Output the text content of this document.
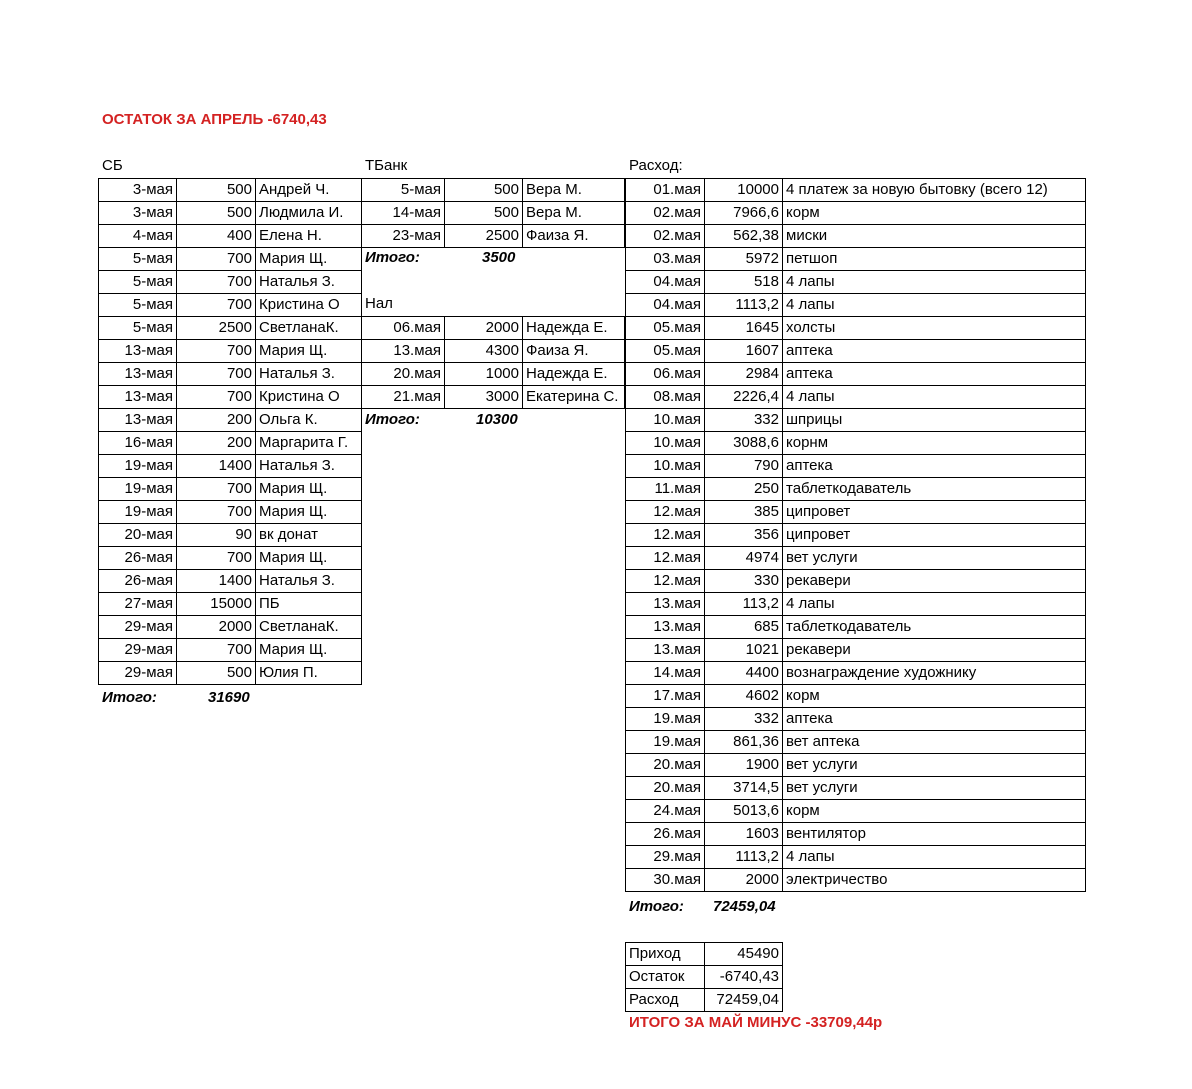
ОСТАТОК ЗА АПРЕЛЬ -6740,43
СБ
3-мая	500	Андрей Ч.
3-мая	500	Людмила И.
4-мая	400	Елена Н.
5-мая	700	Мария Щ.
5-мая	700	Наталья З.
5-мая	700	Кристина О
5-мая	2500	СветланаК.
13-мая	700	Мария Щ.
13-мая	700	Наталья З.
13-мая	700	Кристина О
13-мая	200	Ольга К.
16-мая	200	Маргарита Г.
19-мая	1400	Наталья З.
19-мая	700	Мария Щ.
19-мая	700	Мария Щ.
20-мая	90	вк донат
26-мая	700	Мария Щ.
26-мая	1400	Наталья З.
27-мая	15000	ПБ
29-мая	2000	СветланаК.
29-мая	700	Мария Щ.
29-мая	500	Юлия П.
Итого:	31690
ТБанк
5-мая	500	Вера М.
14-мая	500	Вера М.
23-мая	2500	Фаиза Я.
Итого:	3500
Нал
06.мая	2000	Надежда Е.
13.мая	4300	Фаиза Я.
20.мая	1000	Надежда Е.
21.мая	3000	Екатерина С.
Итого:	10300
Расход:
01.мая	10000	4 платеж за новую бытовку (всего 12)
02.мая	7966,6	корм
02.мая	562,38	миски
03.мая	5972	петшоп
04.мая	518	4 лапы
04.мая	1113,2	4 лапы
05.мая	1645	холсты
05.мая	1607	аптека
06.мая	2984	аптека
08.мая	2226,4	4 лапы
10.мая	332	шприцы
10.мая	3088,6	корнм
10.мая	790	аптека
11.мая	250	таблеткодаватель
12.мая	385	ципровет
12.мая	356	ципровет
12.мая	4974	вет услуги
12.мая	330	рекавери
13.мая	113,2	4 лапы
13.мая	685	таблеткодаватель
13.мая	1021	рекавери
14.мая	4400	вознаграждение художнику
17.мая	4602	корм
19.мая	332	аптека
19.мая	861,36	вет аптека
20.мая	1900	вет услуги
20.мая	3714,5	вет услуги
24.мая	5013,6	корм
26.мая	1603	вентилятор
29.мая	1113,2	4 лапы
30.мая	2000	электричество
Итого: 72459,04
Приход	45490
Остаток	-6740,43
Расход	72459,04
ИТОГО ЗА МАЙ МИНУС -33709,44р
